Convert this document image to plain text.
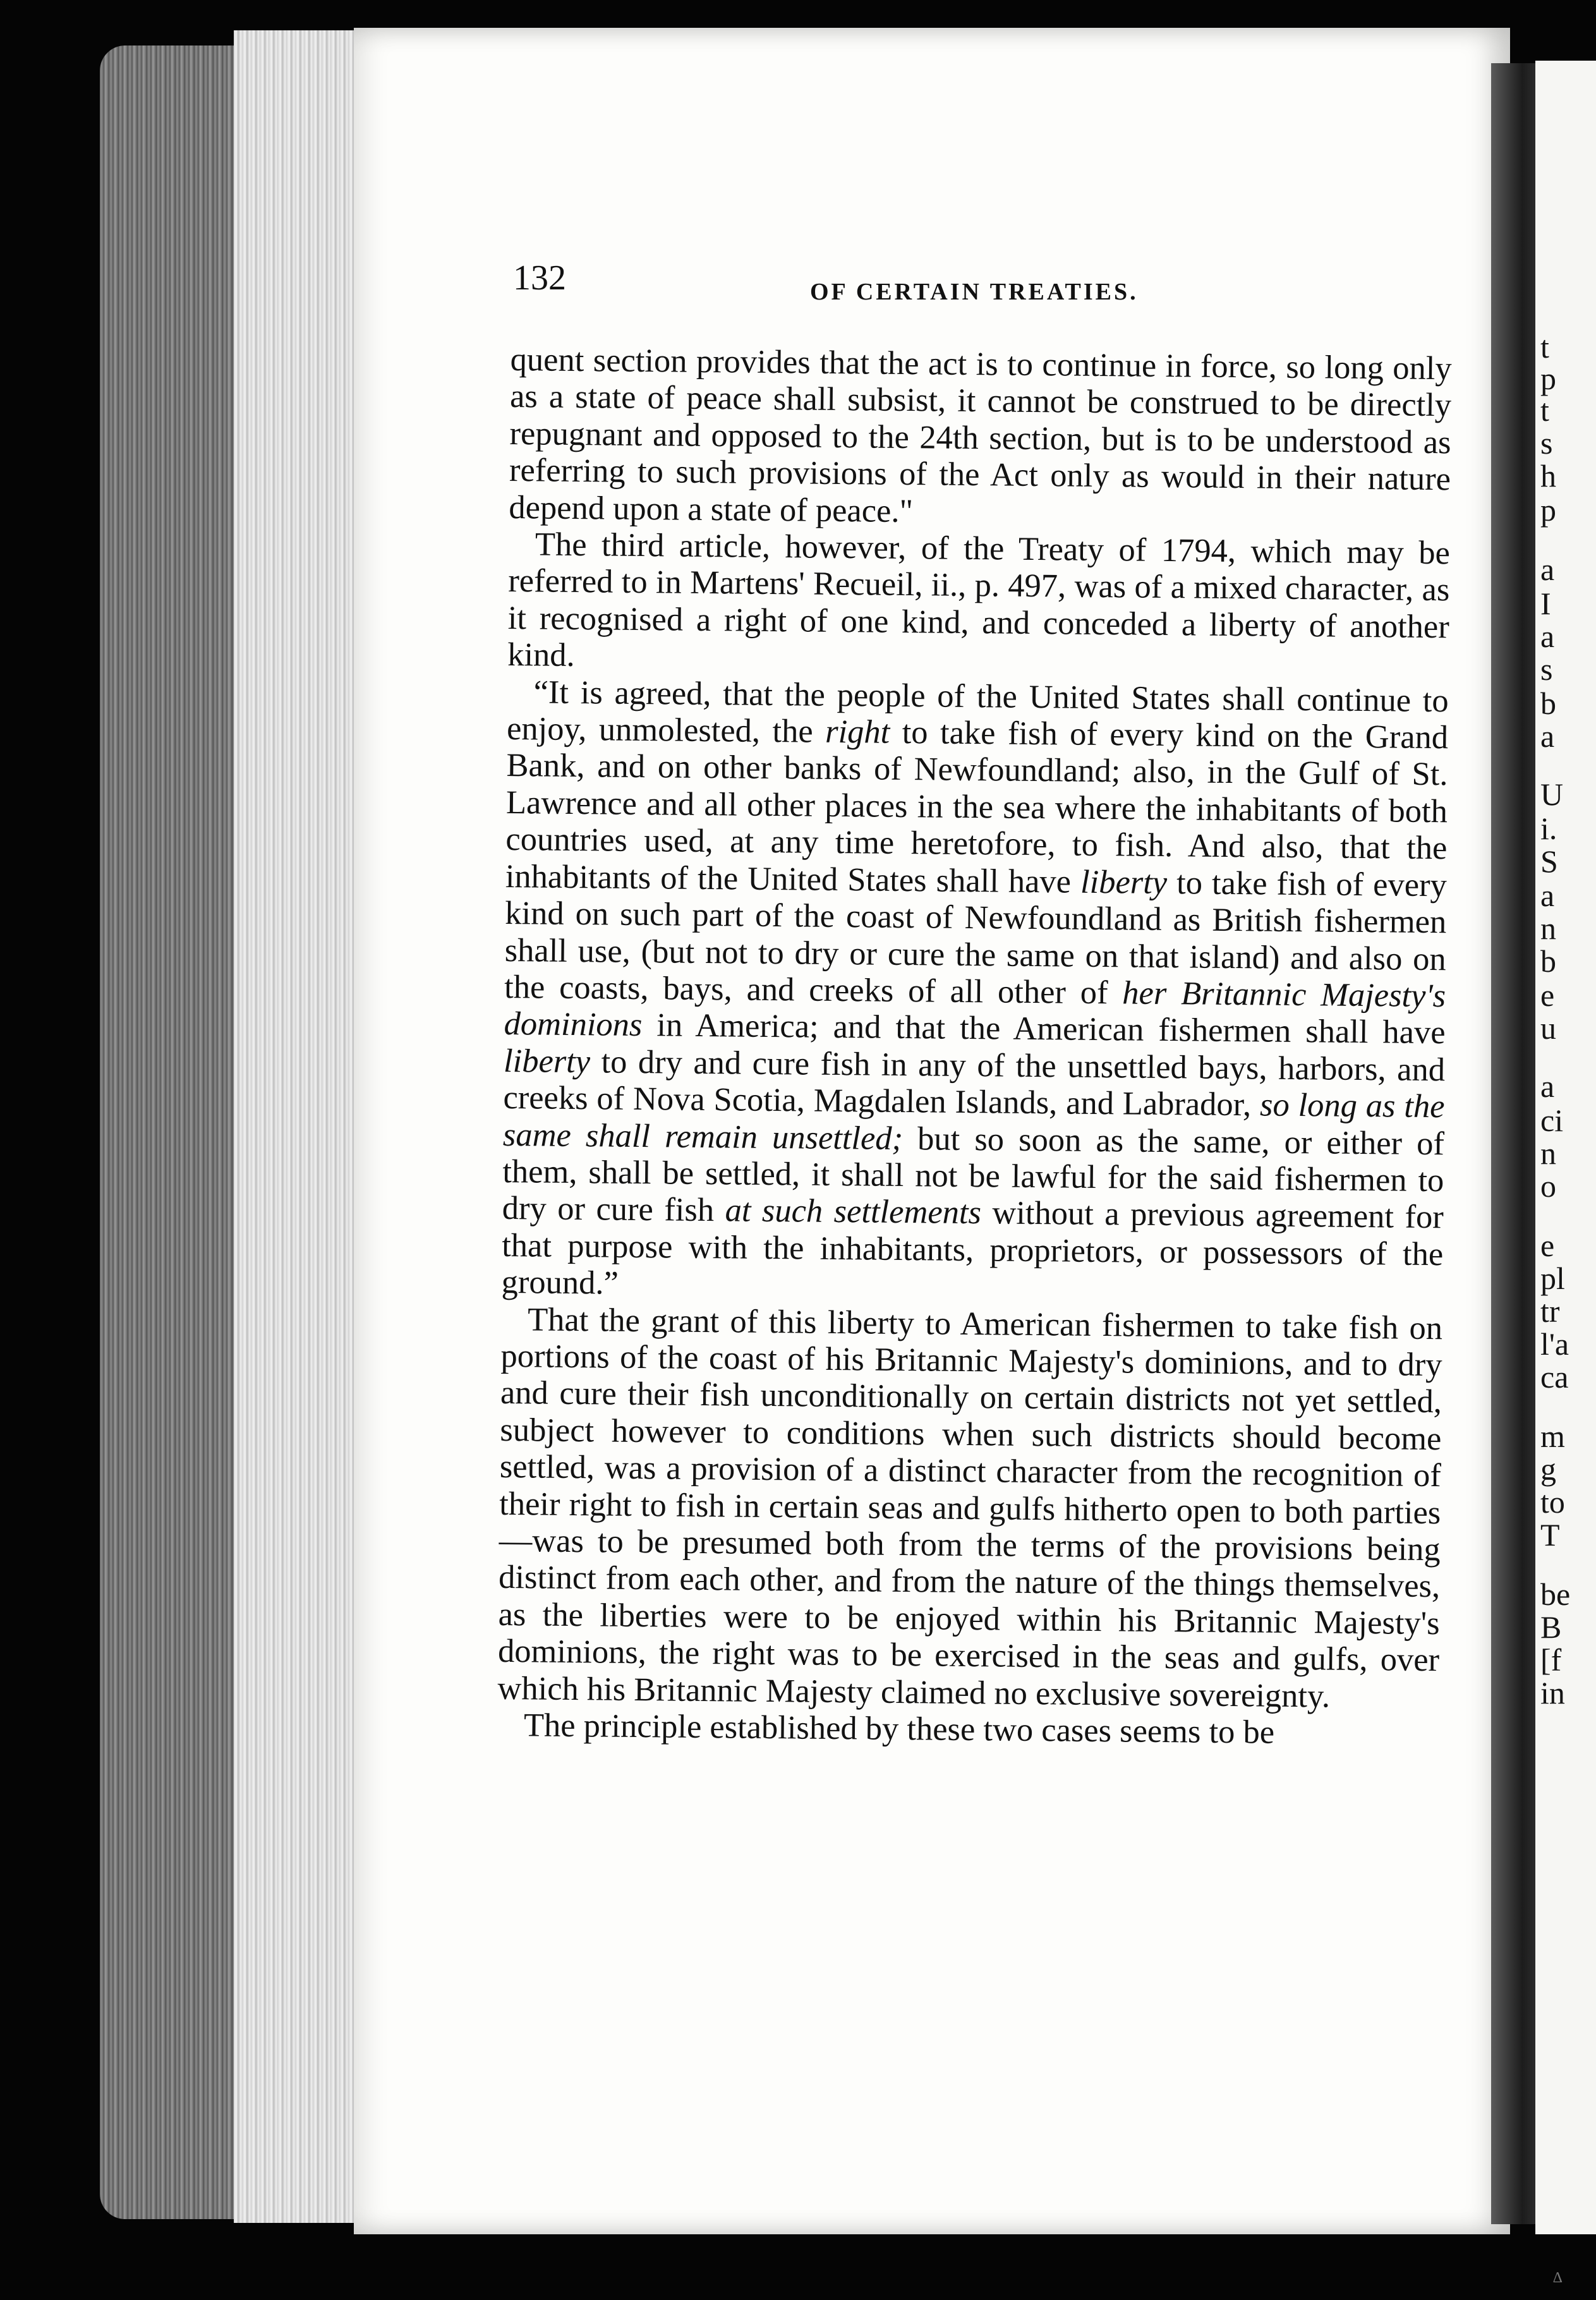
t
p
t
s
h
p
a
I
a
s
b
a
U
i.
S
a
n
b
e
u
a
ci
n
o
e
pl
tr
l'a
ca
m
g
to
T
be
B
[f
in
132	OF CERTAIN TREATIES.

quent section provides that the act is to continue in force, so long only as a state of peace shall subsist, it cannot be construed to be directly repugnant and opposed to the 24th section, but is to be understood as referring to such provisions of the Act only as would in their nature depend upon a state of peace."

The third article, however, of the Treaty of 1794, which may be referred to in Martens' Recueil, ii., p. 497, was of a mixed character, as it recognised a right of one kind, and conceded a liberty of another kind.

“It is agreed, that the people of the United States shall continue to enjoy, unmolested, the right to take fish of every kind on the Grand Bank, and on other banks of Newfoundland; also, in the Gulf of St. Lawrence and all other places in the sea where the inhabitants of both countries used, at any time heretofore, to fish. And also, that the inhabitants of the United States shall have liberty to take fish of every kind on such part of the coast of Newfoundland as British fishermen shall use, (but not to dry or cure the same on that island) and also on the coasts, bays, and creeks of all other of her Britannic Majesty's dominions in America; and that the American fishermen shall have liberty to dry and cure fish in any of the unsettled bays, harbors, and creeks of Nova Scotia, Magdalen Islands, and Labrador, so long as the same shall remain unsettled; but so soon as the same, or either of them, shall be settled, it shall not be lawful for the said fishermen to dry or cure fish at such settlements without a previous agreement for that purpose with the inhabitants, proprietors, or possessors of the ground.”

That the grant of this liberty to American fishermen to take fish on portions of the coast of his Britannic Majesty's dominions, and to dry and cure their fish unconditionally on certain districts not yet settled, subject however to conditions when such districts should become settled, was a provision of a distinct character from the recognition of their right to fish in certain seas and gulfs hitherto open to both parties—was to be presumed both from the terms of the provisions being distinct from each other, and from the nature of the things themselves, as the liberties were to be enjoyed within his Britannic Majesty's dominions, the right was to be exercised in the seas and gulfs, over which his Britannic Majesty claimed no exclusive sovereignty.

The principle established by these two cases seems to be

∆
